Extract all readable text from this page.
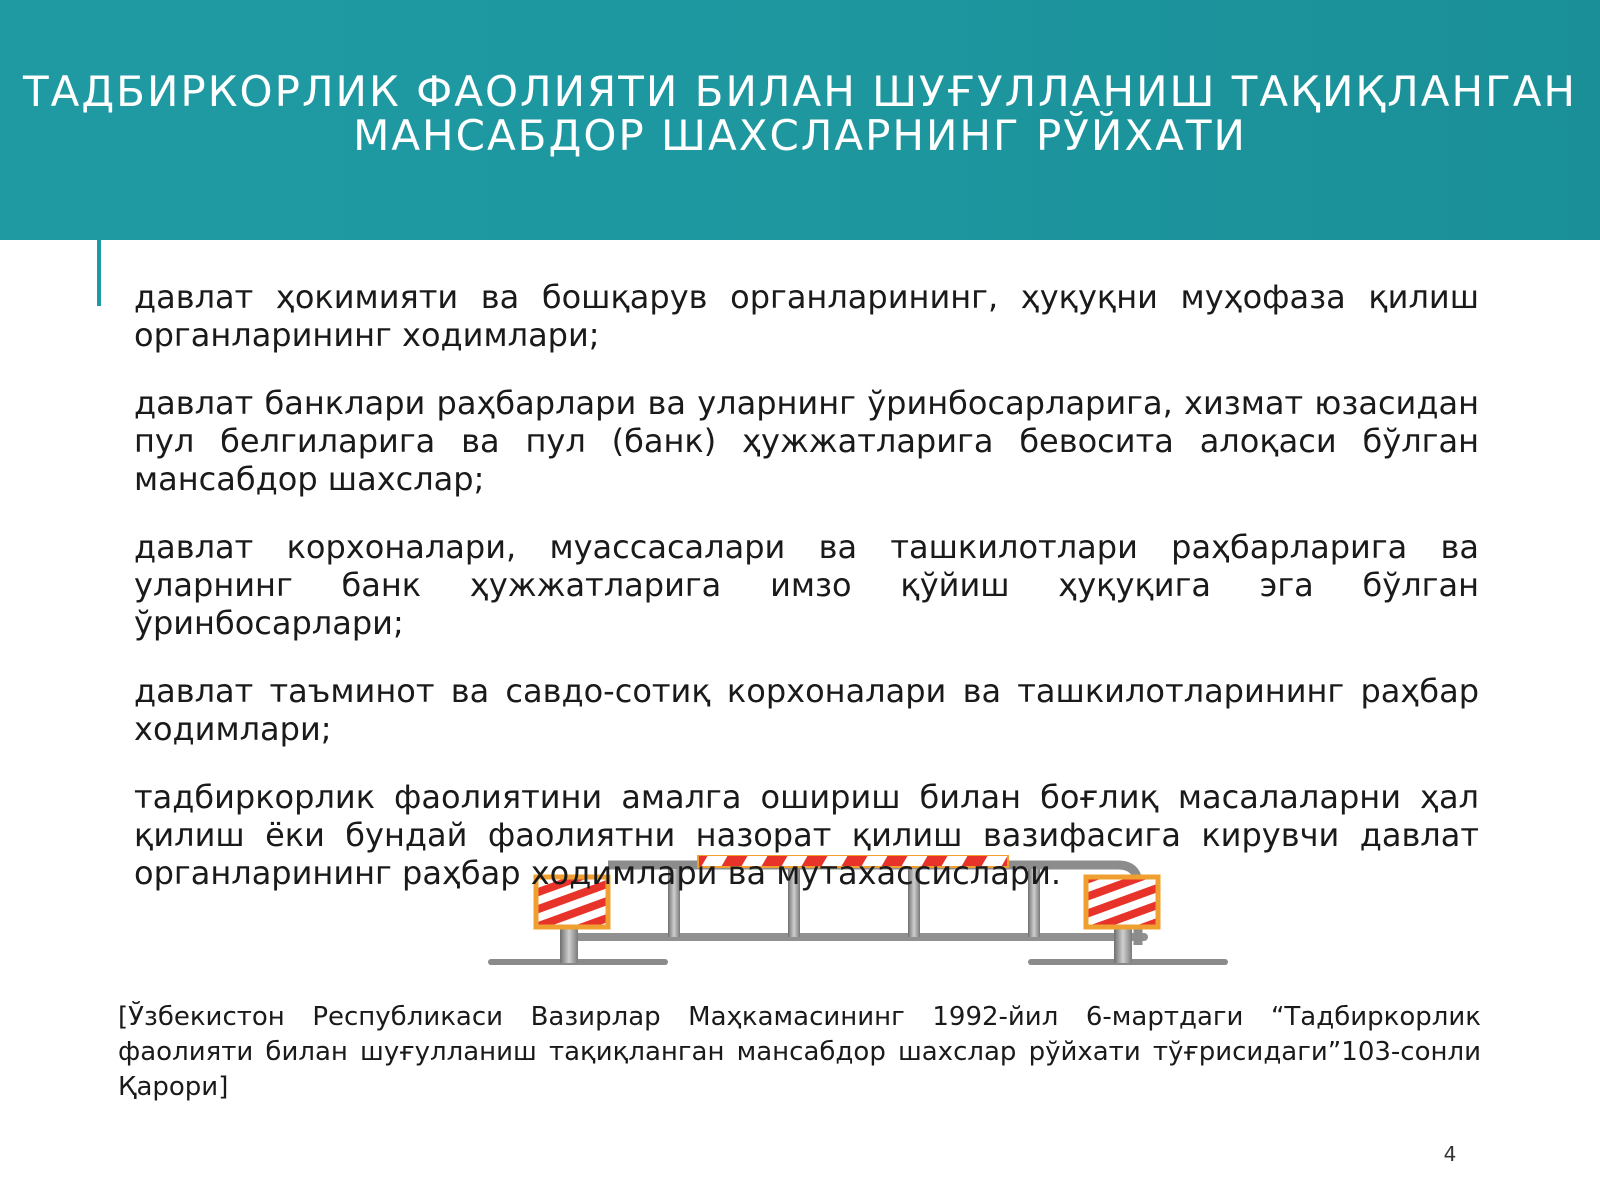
ТАДБИРКОРЛИК ФАОЛИЯТИ БИЛАН ШУҒУЛЛАНИШ ТАҚИҚЛАНГАН
МАНСАБДОР ШАХСЛАРНИНГ РЎЙХАТИ
давлат ҳокимияти ва бошқарув органларининг, ҳуқуқни муҳофаза қилиш органларининг ходимлари;
давлат банклари раҳбарлари ва уларнинг ўринбосарларига, хизмат юзасидан пул белгиларига ва пул (банк) ҳужжатларига бевосита алоқаси бўлган мансабдор шахслар;
давлат корхоналари, муассасалари ва ташкилотлари раҳбарларига ва уларнинг банк ҳужжатларига имзо қўйиш ҳуқуқига эга бўлган ўринбосарлари;
давлат таъминот ва савдо-сотиқ корхоналари ва ташкилотларининг раҳбар ходимлари;
тадбиркорлик фаолиятини амалга ошириш билан боғлиқ масалаларни ҳал қилиш ёки бундай фаолиятни назорат қилиш вазифасига кирувчи давлат органларининг раҳбар ходимлари ва мутахассислари.
[Ўзбекистон Республикаси Вазирлар Маҳкамасининг 1992-йил 6-мартдаги “Тадбиркорлик фаолияти билан шуғулланиш тақиқланган мансабдор шахслар рўйхати тўғрисидаги”103-сонли Қарори]
4
